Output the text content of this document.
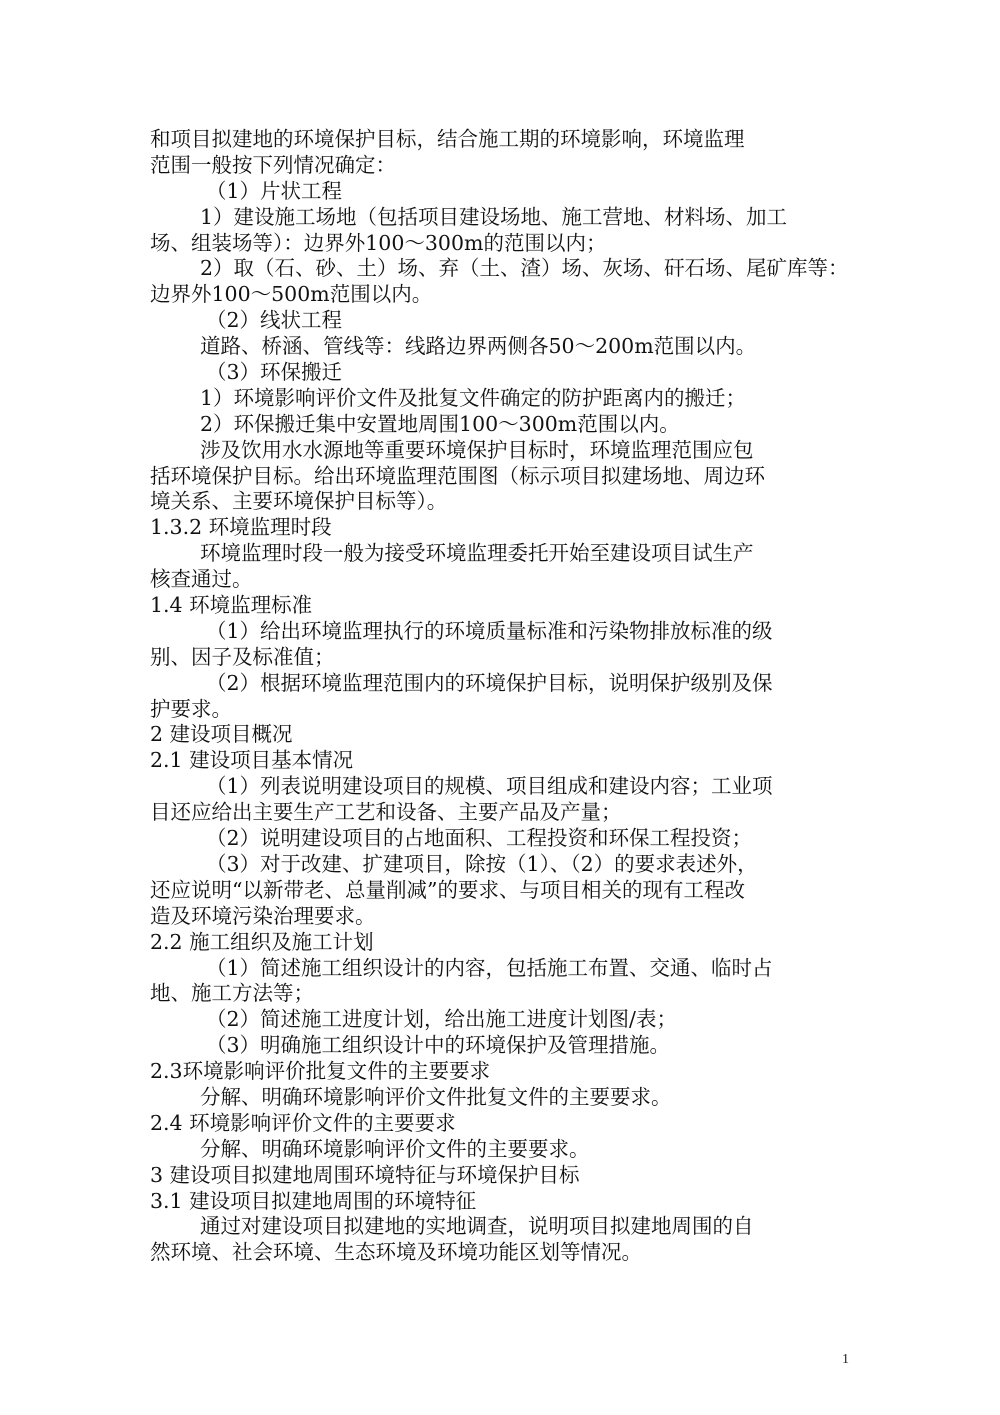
和项目拟建地的环境保护目标，结合施工期的环境影响，环境监理
范围一般按下列情况确定：
（1）片状工程
1）建设施工场地（包括项目建设场地、施工营地、材料场、加工
场、组装场等）：边界外100～300m的范围以内；
2）取（石、砂、土）场、弃（土、渣）场、灰场、矸石场、尾矿库等：
边界外100～500m范围以内。
（2）线状工程
道路、桥涵、管线等：线路边界两侧各50～200m范围以内。
（3）环保搬迁
1）环境影响评价文件及批复文件确定的防护距离内的搬迁；
2）环保搬迁集中安置地周围100～300m范围以内。
涉及饮用水水源地等重要环境保护目标时，环境监理范围应包
括环境保护目标。给出环境监理范围图（标示项目拟建场地、周边环
境关系、主要环境保护目标等）。
1.3.2 环境监理时段
环境监理时段一般为接受环境监理委托开始至建设项目试生产
核查通过。
1.4 环境监理标准
（1）给出环境监理执行的环境质量标准和污染物排放标准的级
别、因子及标准值；
（2）根据环境监理范围内的环境保护目标，说明保护级别及保
护要求。
2 建设项目概况
2.1 建设项目基本情况
（1）列表说明建设项目的规模、项目组成和建设内容；工业项
目还应给出主要生产工艺和设备、主要产品及产量；
（2）说明建设项目的占地面积、工程投资和环保工程投资；
（3）对于改建、扩建项目，除按（1）、（2）的要求表述外，
还应说明“以新带老、总量削减”的要求、与项目相关的现有工程改
造及环境污染治理要求。
2.2 施工组织及施工计划
（1）简述施工组织设计的内容，包括施工布置、交通、临时占
地、施工方法等；
（2）简述施工进度计划，给出施工进度计划图/表；
（3）明确施工组织设计中的环境保护及管理措施。
2.3环境影响评价批复文件的主要要求
分解、明确环境影响评价文件批复文件的主要要求。
2.4 环境影响评价文件的主要要求
分解、明确环境影响评价文件的主要要求。
3 建设项目拟建地周围环境特征与环境保护目标
3.1 建设项目拟建地周围的环境特征
通过对建设项目拟建地的实地调查，说明项目拟建地周围的自
然环境、社会环境、生态环境及环境功能区划等情况。
1
